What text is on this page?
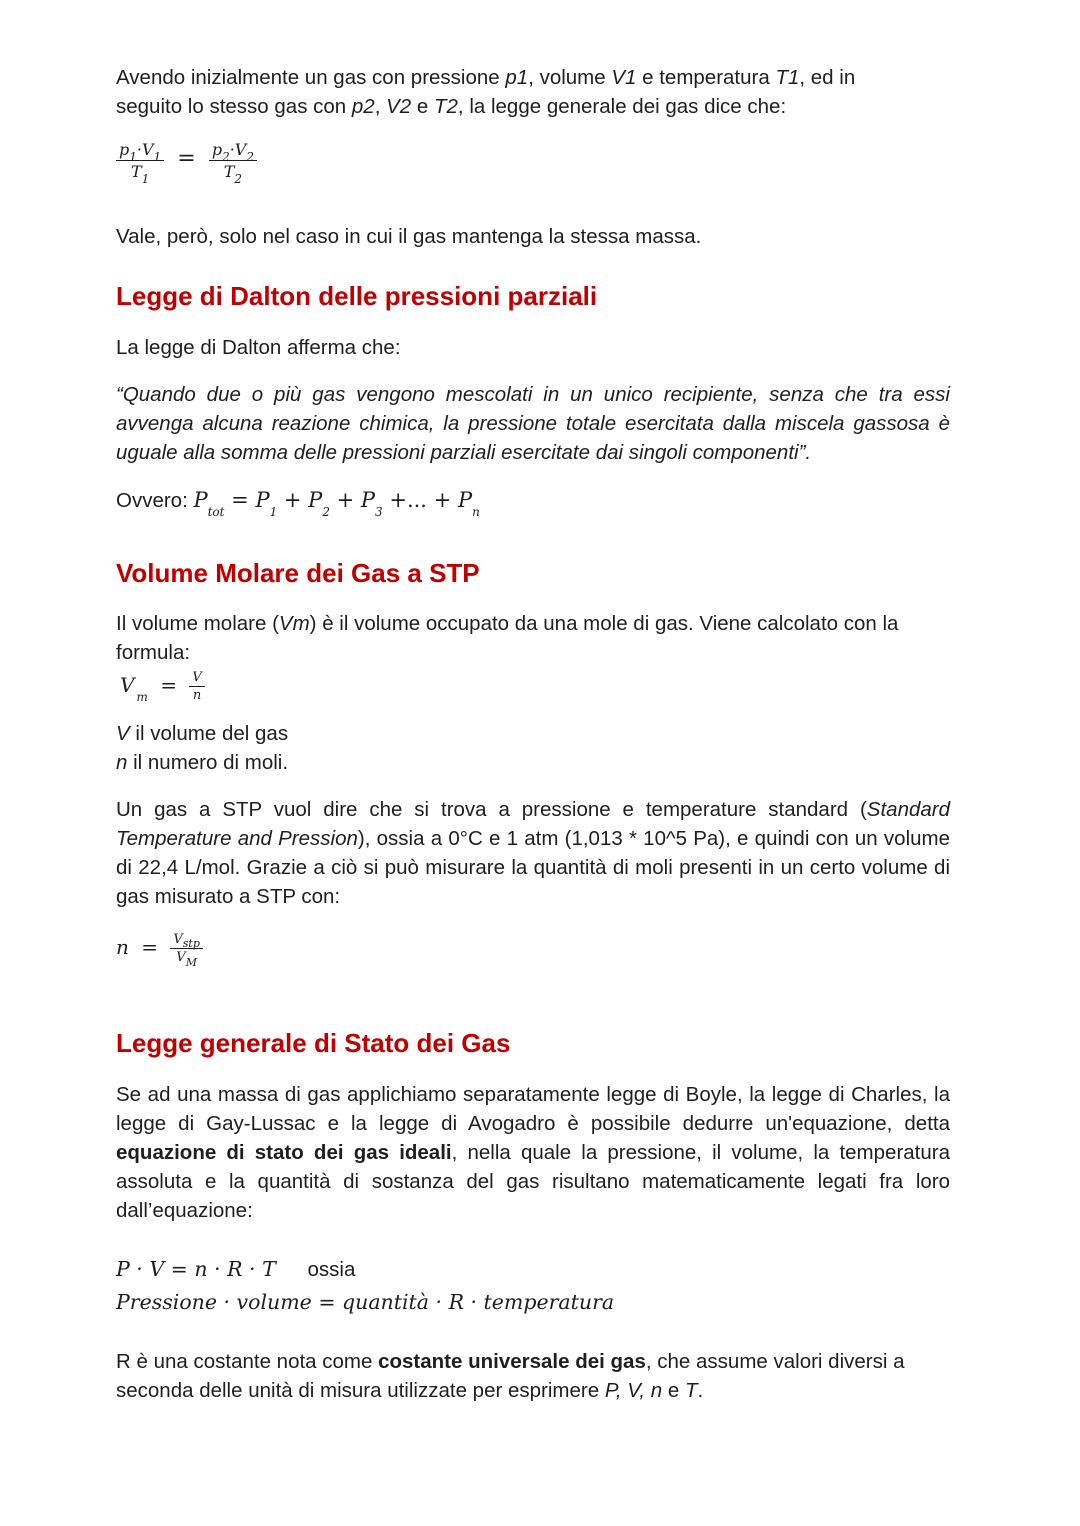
Avendo inizialmente un gas con pressione p1, volume V1 e temperatura T1, ed in
seguito lo stesso gas con p2, V2 e T2, la legge generale dei gas dice che:

$\frac{p_1\cdot V_1}{T_1} = \frac{p_2\cdot V_2}{T_2}$

Vale, però, solo nel caso in cui il gas mantenga la stessa massa.

Legge di Dalton delle pressioni parziali

La legge di Dalton afferma che:

“Quando due o più gas vengono mescolati in un unico recipiente, senza che tra essi avvenga alcuna reazione chimica, la pressione totale esercitata dalla miscela gassosa è uguale alla somma delle pressioni parziali esercitate dai singoli componenti”.

Ovvero: $P_{tot} = P_1 + P_2 + P_3$ +... + $P_n$
Volume Molare dei Gas a STP

Il volume molare (Vm) è il volume occupato da una mole di gas. Viene calcolato con la formula:

V $_m = \frac{V}{n}$

V il volume del gas
n il numero di moli.

Un gas a STP vuol dire che si trova a pressione e temperature standard (Standard Temperature and Pression), ossia a 0°C e 1 atm (1,013 * 10^5 Pa), e quindi con un volume di 22,4 L/mol. Grazie a ciò si può misurare la quantità di moli presenti in un certo volume di gas misurato a STP con:

$n = \frac{V_{stp}}{V_M}$
Legge generale di Stato dei Gas

Se ad una massa di gas applichiamo separatamente legge di Boyle, la legge di Charles, la legge di Gay-Lussac e la legge di Avogadro è possibile dedurre un'equazione, detta equazione di stato dei gas ideali, nella quale la pressione, il volume, la temperatura assoluta e la quantità di sostanza del gas risultano matematicamente legati fra loro dall’equazione:

P · V = n · R · T ossia
Pressione · volume = quantità · R · temperatura

R è una costante nota come costante universale dei gas, che assume valori diversi a seconda delle unità di misura utilizzate per esprimere P, V, n e T.
